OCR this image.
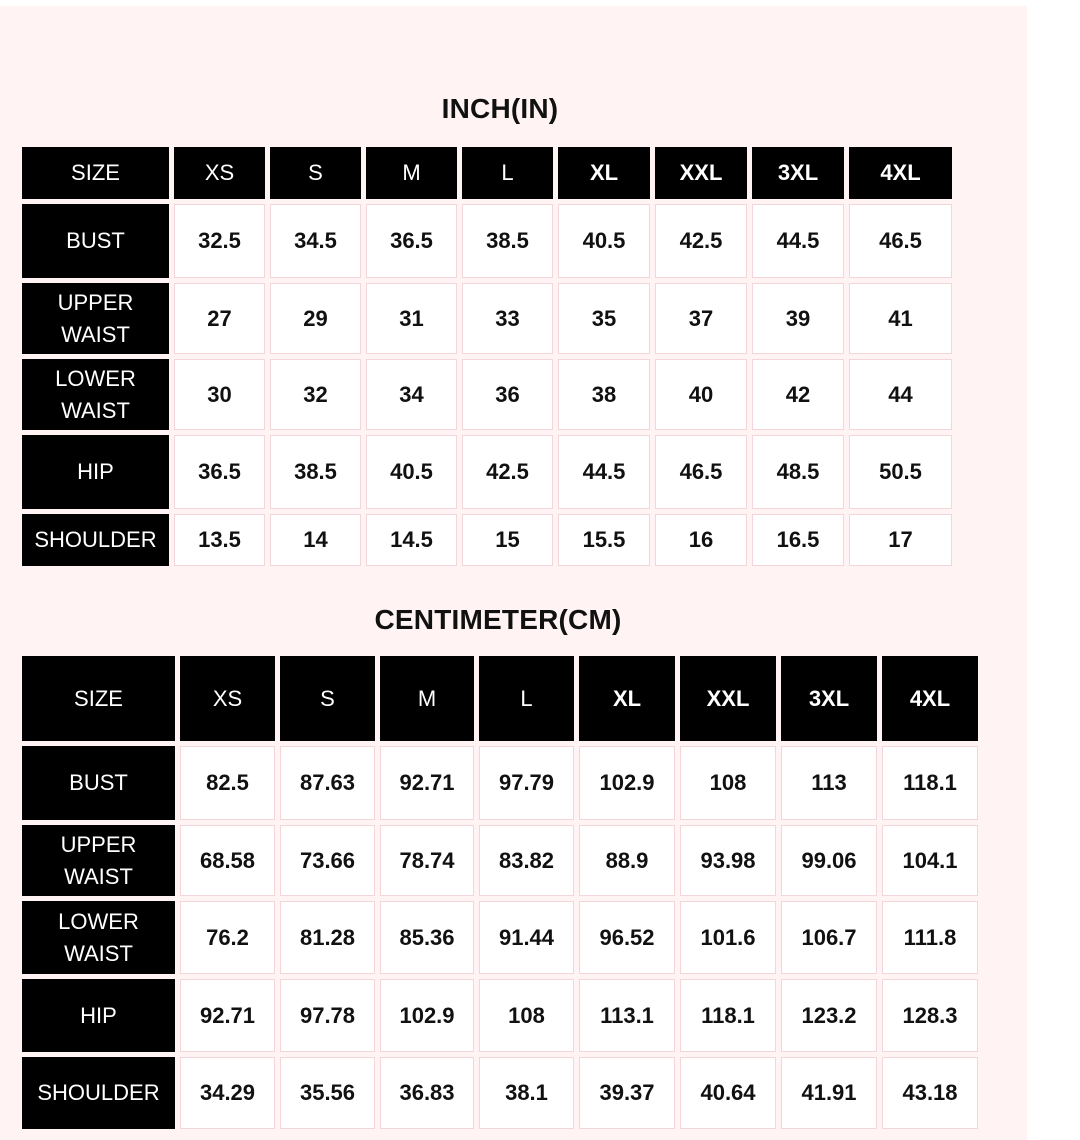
INCH(IN)
SIZE	XS	S	M	L	XL	XXL	3XL	4XL

BUST	32.5	34.5	36.5	38.5	40.5	42.5	44.5	46.5

UPPER
WAIST	27	29	31	33	35	37	39	41

LOWER
WAIST	30	32	34	36	38	40	42	44

HIP	36.5	38.5	40.5	42.5	44.5	46.5	48.5	50.5

SHOULDER	13.5	14	14.5	15	15.5	16	16.5	17
CENTIMETER(CM)
SIZE	XS	S	M	L	XL	XXL	3XL	4XL

BUST	82.5	87.63	92.71	97.79	102.9	108	113	118.1

UPPER
WAIST	68.58	73.66	78.74	83.82	88.9	93.98	99.06	104.1

LOWER
WAIST	76.2	81.28	85.36	91.44	96.52	101.6	106.7	111.8

HIP	92.71	97.78	102.9	108	113.1	118.1	123.2	128.3

SHOULDER	34.29	35.56	36.83	38.1	39.37	40.64	41.91	43.18
